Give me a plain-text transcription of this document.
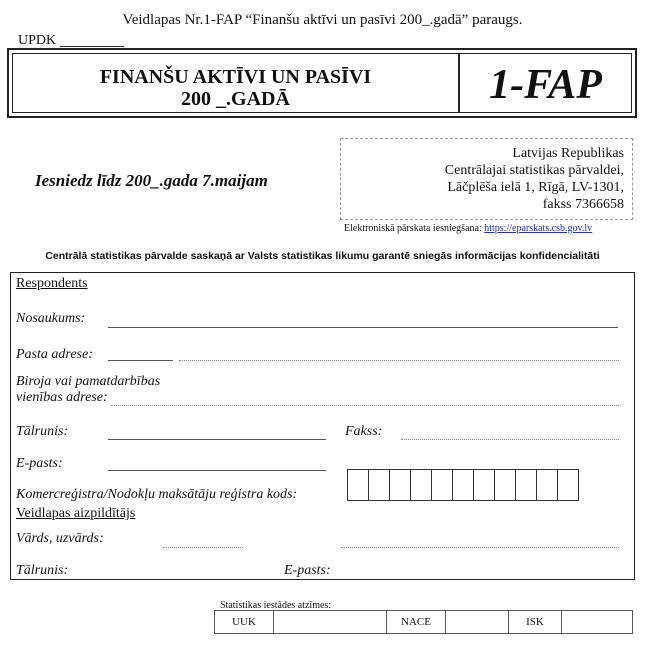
Veidlapas Nr.1-FAP “Finanšu aktīvi un pasīvi 200_.gadā” paraugs.
UPDK
FINANŠU AKTĪVI UN PASĪVI
200 _.GADĀ	1-FAP
Iesniedz līdz 200_.gada 7.maijam
Latvijas Republikas
Centrālajai statistikas pārvaldei,
Lāčplēša ielā 1, Rīgā, LV-1301,
fakss 7366658
Elektroniskā pārskata iesniegšana: https://eparskats.csb.gov.lv
Centrālā statistikas pārvalde saskaņā ar Valsts statistikas likumu garantē sniegās informācijas konfidencialitāti
Respondents
Nosaukums:
Pasta adrese:
Biroja vai pamatdarbības
vienības adrese:
Tālrunis:	Fakss:
E-pasts:
Komercreģistra/Nodokļu maksātāju reģistra kods:
Veidlapas aizpildītājs
Vārds, uzvārds:
Tālrunis:	E-pasts:
Statistikas iestādes atzīmes:
UUK		NACE		ISK	
